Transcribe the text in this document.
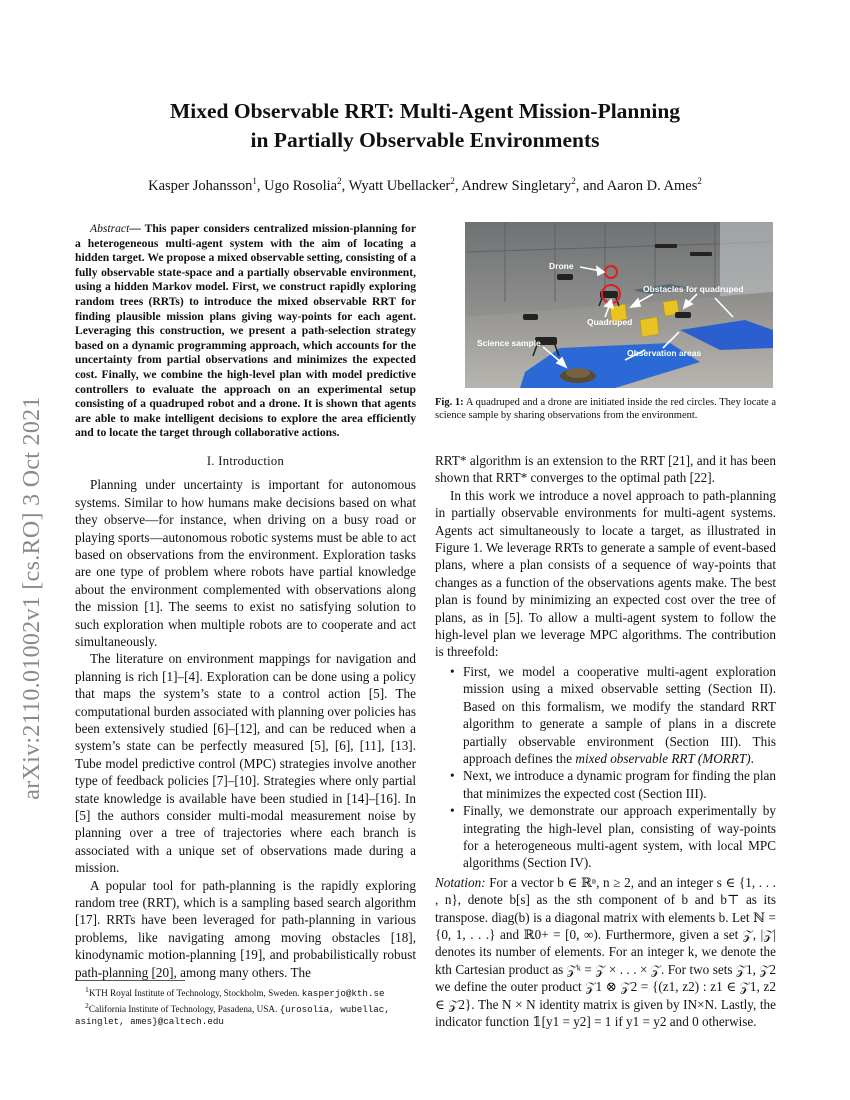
arXiv:2110.01002v1 [cs.RO] 3 Oct 2021
Mixed Observable RRT: Multi-Agent Mission-Planning
in Partially Observable Environments
Kasper Johansson$^1$, Ugo Rosolia$^2$, Wyatt Ubellacker$^2$, Andrew Singletary$^2$, and Aaron D. Ames$^2$

Abstract— This paper considers centralized mission-planning for a heterogeneous multi-agent system with the aim of locating a hidden target. We propose a mixed observable setting, consisting of a fully observable state-space and a partially observable environment, using a hidden Markov model. First, we construct rapidly exploring random trees (RRTs) to introduce the mixed observable RRT for finding plausible mission plans giving way-points for each agent. Leveraging this construction, we present a path-selection strategy based on a dynamic programming approach, which accounts for the uncertainty from partial observations and minimizes the expected cost. Finally, we combine the high-level plan with model predictive controllers to evaluate the approach on an experimental setup consisting of a quadruped robot and a drone. It is shown that agents are able to make intelligent decisions to explore the area efficiently and to locate the target through collaborative actions.

I. Introduction

Planning under uncertainty is important for autonomous systems. Similar to how humans make decisions based on what they observe—for instance, when driving on a busy road or playing sports—autonomous robotic systems must be able to act based on observations from the environment. Exploration tasks are one type of problem where robots have partial knowledge about the environment complemented with observations along the mission [1]. The seems to exist no satisfying solution to such exploration when multiple robots are to cooperate and act simultaneously.

The literature on environment mappings for navigation and planning is rich [1]–[4]. Exploration can be done using a policy that maps the system’s state to a control action [5]. The computational burden associated with planning over policies has been extensively studied [6]–[12], and can be reduced when a system’s state can be perfectly measured [5], [6], [11], [13]. Tube model predictive control (MPC) strategies involve another type of feedback policies [7]–[10]. Strategies where only partial state knowledge is available have been studied in [14]–[16]. In [5] the authors consider multi-modal measurement noise by planning over a tree of trajectories where each branch is associated with a unique set of observations made during a mission.

A popular tool for path-planning is the rapidly exploring random tree (RRT), which is a sampling based search algorithm [17]. RRTs have been leveraged for path-planning in various problems, like navigating among moving obstacles [18], kinodynamic motion-planning [19], and probabilistically robust path-planning [20], among many others. The

$^1$KTH Royal Institute of Technology, Stockholm, Sweden. kasperjo@kth.se
$^2$California Institute of Technology, Pasadena, USA. {urosolia, wubellac, asinglet, ames}@caltech.edu
Drone
Obstacles for quadruped
Quadruped
Science sample
Observation areas
Fig. 1: A quadruped and a drone are initiated inside the red circles. They locate a science sample by sharing observations from the environment.

RRT* algorithm is an extension to the RRT [21], and it has been shown that RRT* converges to the optimal path [22].

In this work we introduce a novel approach to path-planning in partially observable environments for multi-agent systems. Agents act simultaneously to locate a target, as illustrated in Figure 1. We leverage RRTs to generate a sample of event-based plans, where a plan consists of a sequence of way-points that changes as a function of the observations agents make. The best plan is found by minimizing an expected cost over the tree of plans, as in [5]. To allow a multi-agent system to follow the high-level plan we leverage MPC algorithms. The contribution is threefold:

• First, we model a cooperative multi-agent exploration mission using a mixed observable setting (Section II). Based on this formalism, we modify the standard RRT algorithm to generate a sample of plans in a discrete partially observable environment (Section III). This approach defines the mixed observable RRT (MORRT).
• Next, we introduce a dynamic program for finding the plan that minimizes the expected cost (Section III).
• Finally, we demonstrate our approach experimentally by integrating the high-level plan, consisting of way-points for a heterogeneous multi-agent system, with local MPC algorithms (Section IV).

Notation: For a vector b ∈ ℝⁿ, n ≥ 2, and an integer s ∈ {1, . . . , n}, denote b[s] as the sth component of b and b⊤ as its transpose. diag(b) is a diagonal matrix with elements b. Let ℕ = {0, 1, . . .} and ℝ0+ = [0, ∞). Furthermore, given a set 𝒵, |𝒵| denotes its number of elements. For an integer k, we denote the kth Cartesian product as 𝒵ᵏ = 𝒵 × . . . × 𝒵. For two sets 𝒵1, 𝒵2 we define the outer product 𝒵1 ⊗ 𝒵2 = {(z1, z2) : z1 ∈ 𝒵1, z2 ∈ 𝒵2}. The N × N identity matrix is given by IN×N. Lastly, the indicator function 𝟙[y1 = y2] = 1 if y1 = y2 and 0 otherwise.
